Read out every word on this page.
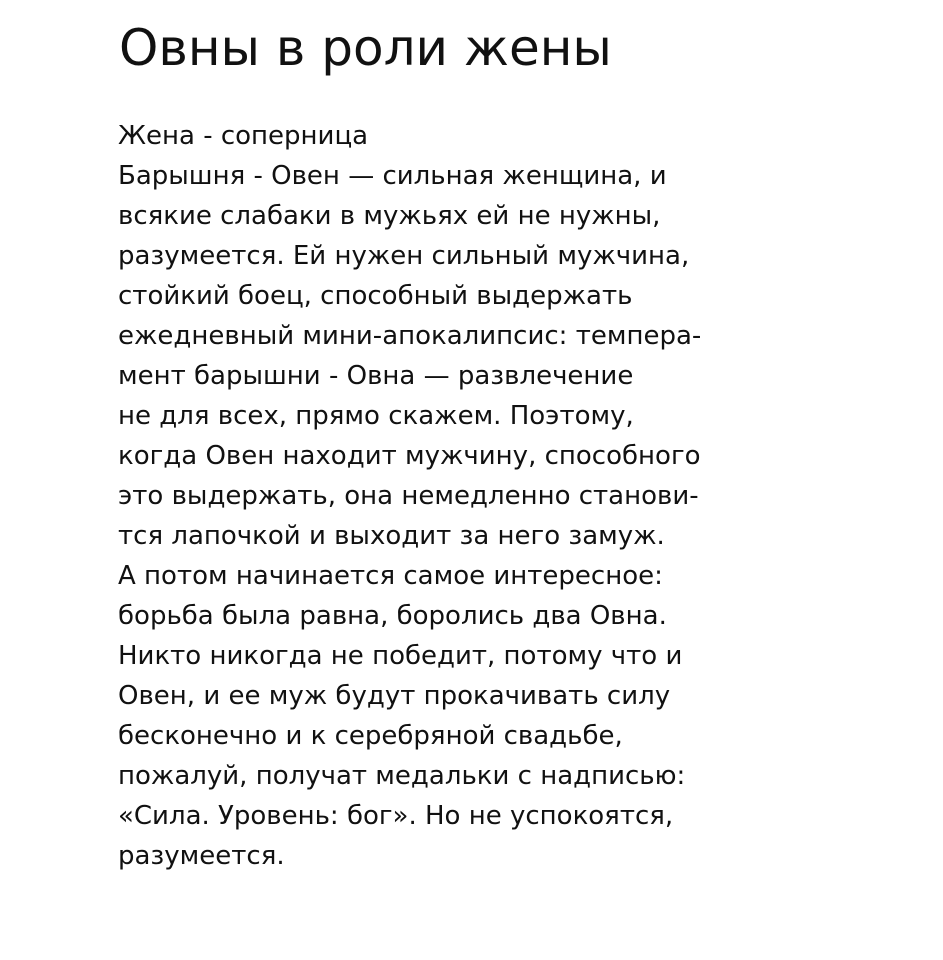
Овны в роли жены
Жена - соперница
Барышня - Овен — сильная женщина, и
всякие слабаки в мужьях ей не нужны,
разумеется. Ей нужен сильный мужчина,
стойкий боец, способный выдержать
ежедневный мини-апокалипсис: темпера-
мент барышни - Овна — развлечение
не для всех, прямо скажем. Поэтому,
когда Овен находит мужчину, способного
это выдержать, она немедленно станови-
тся лапочкой и выходит за него замуж.
А потом начинается самое интересное:
борьба была равна, боролись два Овна.
Никто никогда не победит, потому что и
Овен, и ее муж будут прокачивать силу
бесконечно и к серебряной свадьбе,
пожалуй, получат медальки с надписью:
«Сила. Уровень: бог». Но не успокоятся,
разумеется.
